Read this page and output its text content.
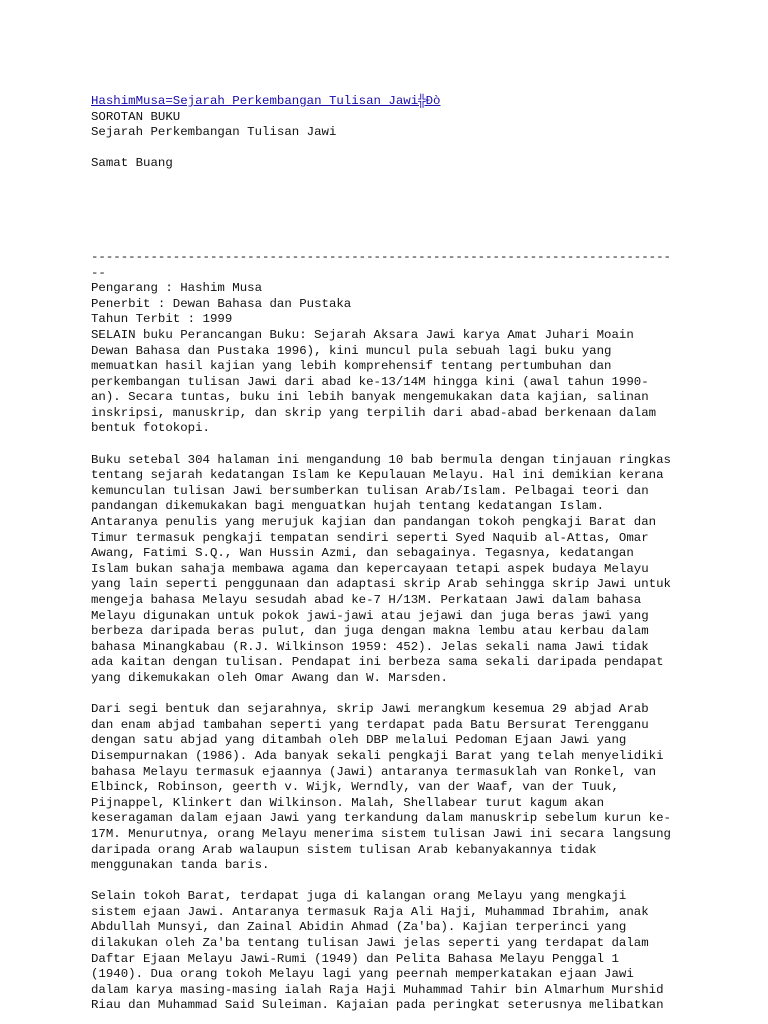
HashimMusa=Sejarah Perkembangan Tulisan Jawi╬Ðò
SOROTAN BUKU
Sejarah Perkembangan Tulisan Jawi
Samat Buang
------------------------------------------------------------------------------
--
Pengarang : Hashim Musa
Penerbit : Dewan Bahasa dan Pustaka
Tahun Terbit : 1999
SELAIN buku Perancangan Buku: Sejarah Aksara Jawi karya Amat Juhari Moain
Dewan Bahasa dan Pustaka 1996), kini muncul pula sebuah lagi buku yang
memuatkan hasil kajian yang lebih komprehensif tentang pertumbuhan dan
perkembangan tulisan Jawi dari abad ke-13/14M hingga kini (awal tahun 1990-
an). Secara tuntas, buku ini lebih banyak mengemukakan data kajian, salinan
inskripsi, manuskrip, dan skrip yang terpilih dari abad-abad berkenaan dalam
bentuk fotokopi.
Buku setebal 304 halaman ini mengandung 10 bab bermula dengan tinjauan ringkas
tentang sejarah kedatangan Islam ke Kepulauan Melayu. Hal ini demikian kerana
kemunculan tulisan Jawi bersumberkan tulisan Arab/Islam. Pelbagai teori dan
pandangan dikemukakan bagi menguatkan hujah tentang kedatangan Islam.
Antaranya penulis yang merujuk kajian dan pandangan tokoh pengkaji Barat dan
Timur termasuk pengkaji tempatan sendiri seperti Syed Naquib al-Attas, Omar
Awang, Fatimi S.Q., Wan Hussin Azmi, dan sebagainya. Tegasnya, kedatangan
Islam bukan sahaja membawa agama dan kepercayaan tetapi aspek budaya Melayu
yang lain seperti penggunaan dan adaptasi skrip Arab sehingga skrip Jawi untuk
mengeja bahasa Melayu sesudah abad ke-7 H/13M. Perkataan Jawi dalam bahasa
Melayu digunakan untuk pokok jawi-jawi atau jejawi dan juga beras jawi yang
berbeza daripada beras pulut, dan juga dengan makna lembu atau kerbau dalam
bahasa Minangkabau (R.J. Wilkinson 1959: 452). Jelas sekali nama Jawi tidak
ada kaitan dengan tulisan. Pendapat ini berbeza sama sekali daripada pendapat
yang dikemukakan oleh Omar Awang dan W. Marsden.
Dari segi bentuk dan sejarahnya, skrip Jawi merangkum kesemua 29 abjad Arab
dan enam abjad tambahan seperti yang terdapat pada Batu Bersurat Terengganu
dengan satu abjad yang ditambah oleh DBP melalui Pedoman Ejaan Jawi yang
Disempurnakan (1986). Ada banyak sekali pengkaji Barat yang telah menyelidiki
bahasa Melayu termasuk ejaannya (Jawi) antaranya termasuklah van Ronkel, van
Elbinck, Robinson, geerth v. Wijk, Werndly, van der Waaf, van der Tuuk,
Pijnappel, Klinkert dan Wilkinson. Malah, Shellabear turut kagum akan
keseragaman dalam ejaan Jawi yang terkandung dalam manuskrip sebelum kurun ke-
17M. Menurutnya, orang Melayu menerima sistem tulisan Jawi ini secara langsung
daripada orang Arab walaupun sistem tulisan Arab kebanyakannya tidak
menggunakan tanda baris.
Selain tokoh Barat, terdapat juga di kalangan orang Melayu yang mengkaji
sistem ejaan Jawi. Antaranya termasuk Raja Ali Haji, Muhammad Ibrahim, anak
Abdullah Munsyi, dan Zainal Abidin Ahmad (Za'ba). Kajian terperinci yang
dilakukan oleh Za'ba tentang tulisan Jawi jelas seperti yang terdapat dalam
Daftar Ejaan Melayu Jawi-Rumi (1949) dan Pelita Bahasa Melayu Penggal 1
(1940). Dua orang tokoh Melayu lagi yang peernah memperkatakan ejaan Jawi
dalam karya masing-masing ialah Raja Haji Muhammad Tahir bin Almarhum Murshid
Riau dan Muhammad Said Suleiman. Kajaian pada peringkat seterusnya melibatkan
